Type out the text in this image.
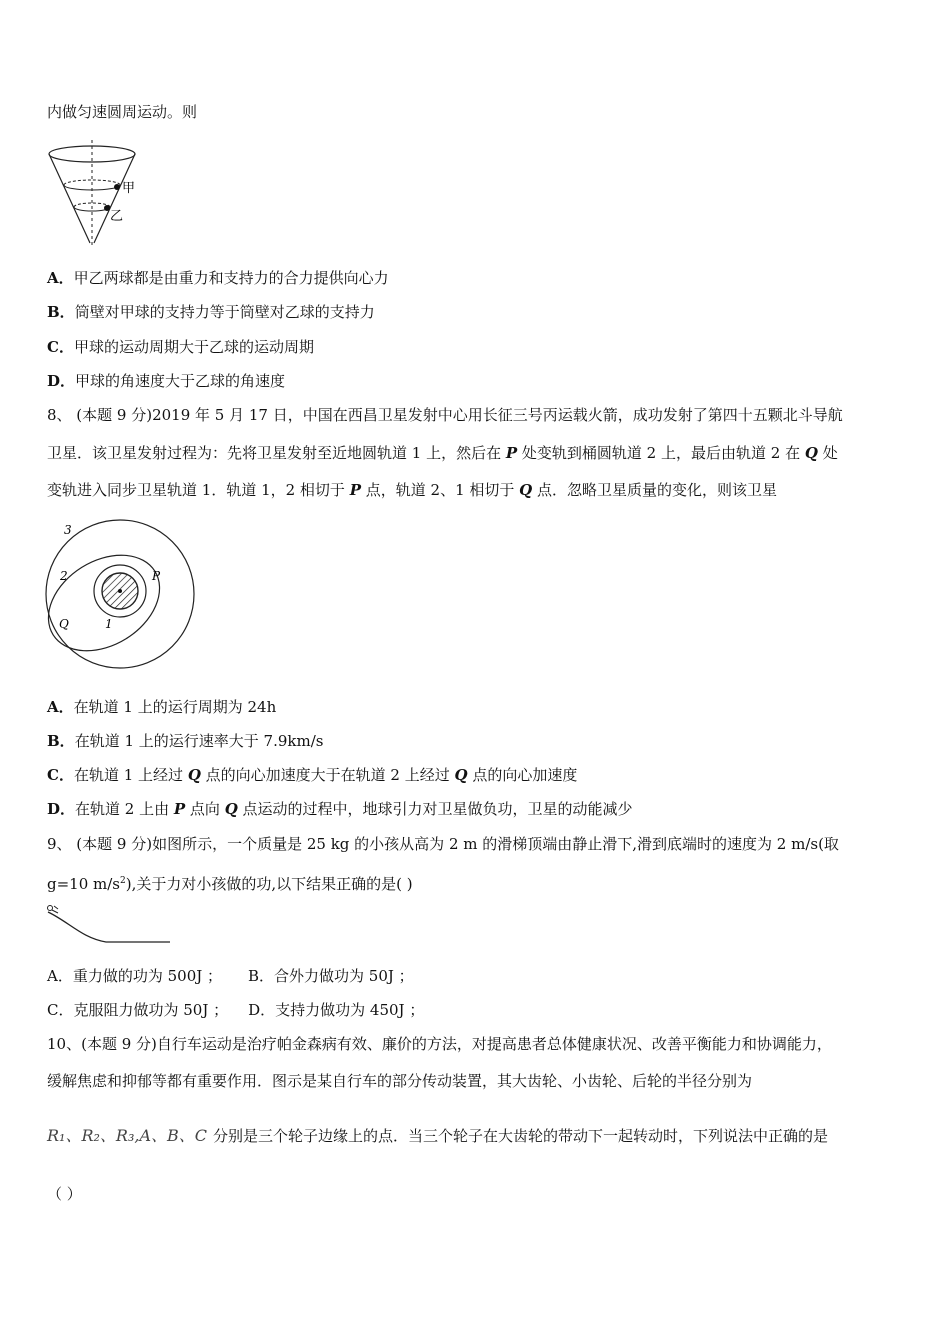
内做匀速圆周运动。则
甲
乙
A．甲乙两球都是由重力和支持力的合力提供向心力
B．筒壁对甲球的支持力等于筒壁对乙球的支持力
C．甲球的运动周期大于乙球的运动周期
D．甲球的角速度大于乙球的角速度
8、 (本题 9 分)2019 年 5 月 17 日，中国在西昌卫星发射中心用长征三号丙运载火箭，成功发射了第四十五颗北斗导航
卫星．该卫星发射过程为：先将卫星发射至近地圆轨道 1 上，然后在 P 处变轨到桶圆轨道 2 上，最后由轨道 2 在 Q 处
变轨进入同步卫星轨道 1．轨道 1，2 相切于 P 点，轨道 2、1 相切于 Q 点．忽略卫星质量的变化，则该卫星
3
2
1
P
Q
A．在轨道 1 上的运行周期为 24h
B．在轨道 1 上的运行速率大于 7.9km/s
C．在轨道 1 上经过 Q 点的向心加速度大于在轨道 2 上经过 Q 点的向心加速度
D．在轨道 2 上由 P 点向 Q 点运动的过程中，地球引力对卫星做负功，卫星的动能减少
9、 (本题 9 分)如图所示，一个质量是 25 kg 的小孩从高为 2 m 的滑梯顶端由静止滑下,滑到底端时的速度为 2 m/s(取
g=10 $m/s^2$),关于力对小孩做的功,以下结果正确的是( )
A．重力做的功为 500J ； B．合外力做功为 50J ；
C．克服阻力做功为 50J ； D．支持力做功为 450J ；
10、(本题 9 分)自行车运动是治疗帕金森病有效、廉价的方法，对提高患者总体健康状况、改善平衡能力和协调能力，
缓解焦虑和抑郁等都有重要作用．图示是某自行车的部分传动装置，其大齿轮、小齿轮、后轮的半径分别为
R₁、R₂、R₃,A、B、C 分别是三个轮子边缘上的点．当三个轮子在大齿轮的带动下一起转动时，下列说法中正确的是
（ ）
